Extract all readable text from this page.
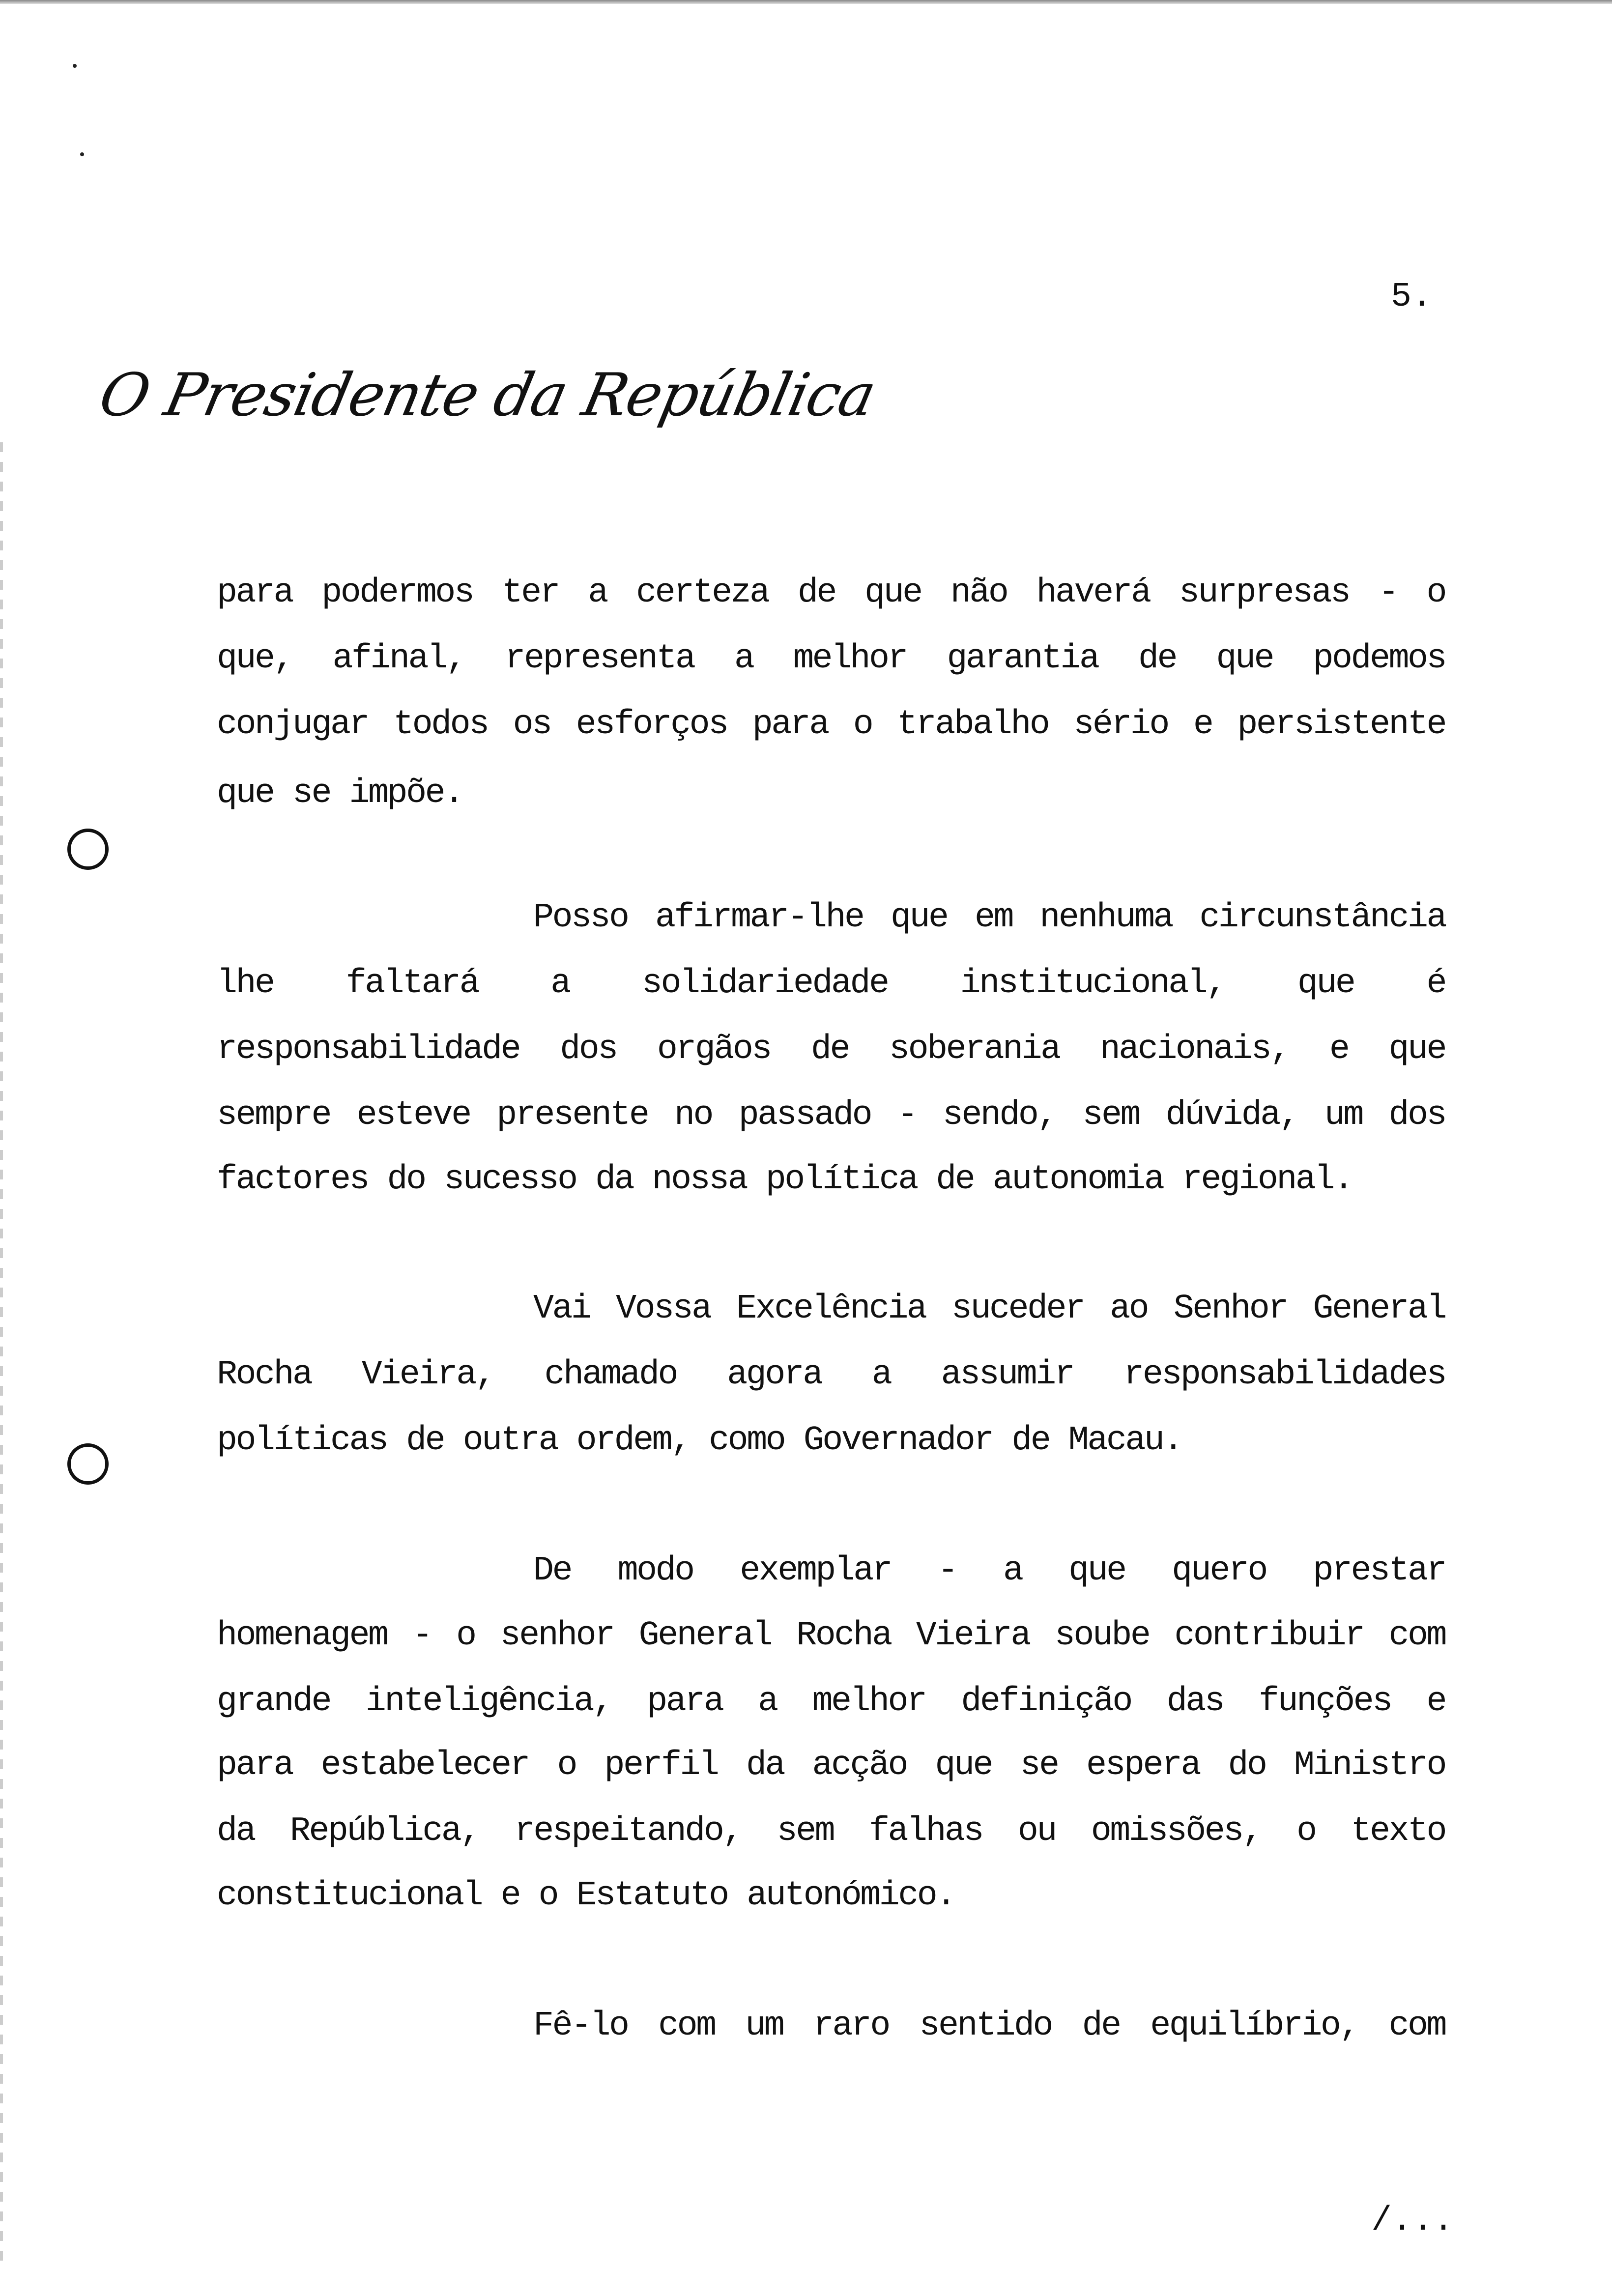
5.
O Presidente da República
para podermos ter a certeza de que não haverá surpresas - o
que, afinal, representa a melhor garantia de que podemos
conjugar todos os esforços para o trabalho sério e persistente
que se impõe.
Posso afirmar-lhe que em nenhuma circunstância
lhe faltará a solidariedade institucional, que é
responsabilidade dos orgãos de soberania nacionais, e que
sempre esteve presente no passado - sendo, sem dúvida, um dos
factores do sucesso da nossa política de autonomia regional.
Vai Vossa Excelência suceder ao Senhor General
Rocha Vieira, chamado agora a assumir responsabilidades
políticas de outra ordem, como Governador de Macau.
De modo exemplar - a que quero prestar
homenagem - o senhor General Rocha Vieira soube contribuir com
grande inteligência, para a melhor definição das funções e
para estabelecer o perfil da acção que se espera do Ministro
da República, respeitando, sem falhas ou omissões, o texto
constitucional e o Estatuto autonómico.
Fê-lo com um raro sentido de equilíbrio, com
/...
